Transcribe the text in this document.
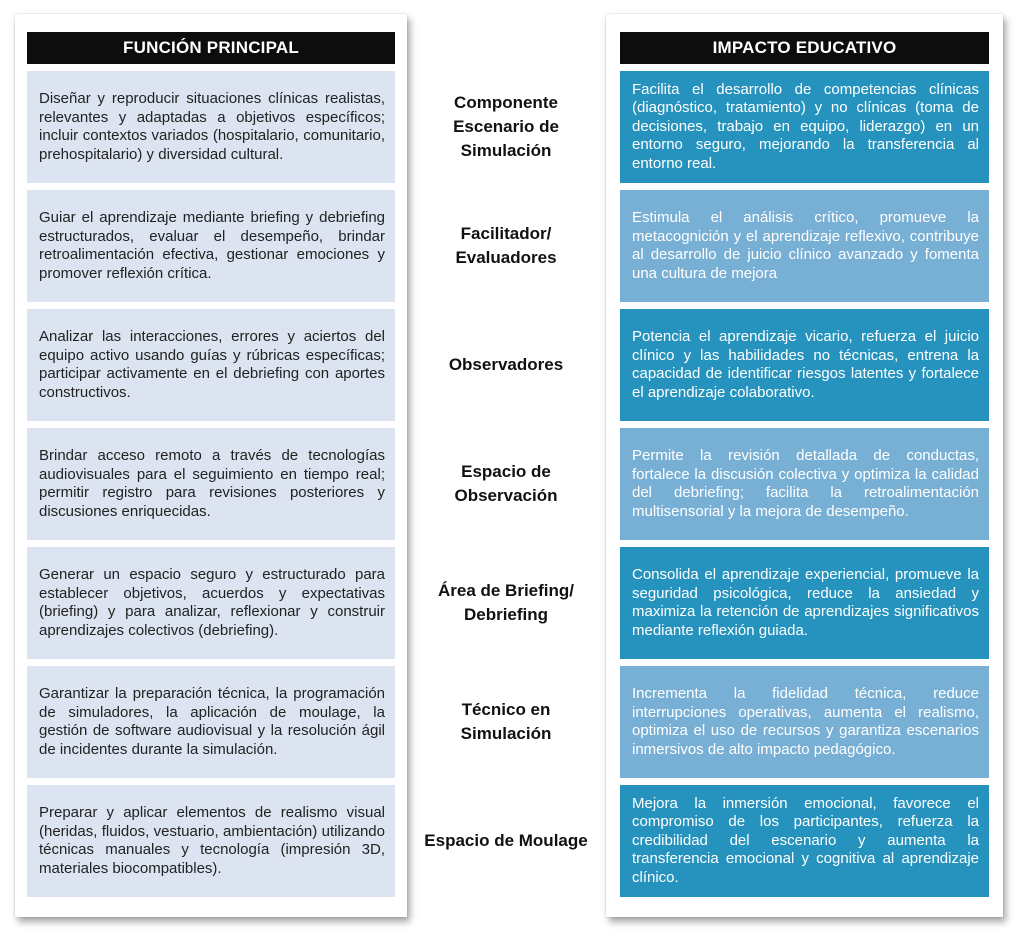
FUNCIÓN PRINCIPAL
Diseñar y reproducir situaciones clínicas realistas, relevantes y adaptadas a objetivos específicos; incluir contextos variados (hospitalario, comunitario, prehospitalario) y diversidad cultural.
Guiar el aprendizaje mediante briefing y debriefing estructurados, evaluar el desempeño, brindar retroalimentación efectiva, gestionar emociones y promover reflexión crítica.
Analizar las interacciones, errores y aciertos del equipo activo usando guías y rúbricas específicas; participar activamente en el debriefing con aportes constructivos.
Brindar acceso remoto a través de tecnologías audiovisuales para el seguimiento en tiempo real; permitir registro para revisiones posteriores y discusiones enriquecidas.
Generar un espacio seguro y estructurado para establecer objetivos, acuerdos y expectativas (briefing) y para analizar, reflexionar y construir aprendizajes colectivos (debriefing).
Garantizar la preparación técnica, la programación de simuladores, la aplicación de moulage, la gestión de software audiovisual y la resolución ágil de incidentes durante la simulación.
Preparar y aplicar elementos de realismo visual (heridas, fluidos, vestuario, ambientación) utilizando técnicas manuales y tecnología (impresión 3D, materiales biocompatibles).
Componente Escenario de Simulación
Facilitador/ Evaluadores
Observadores
Espacio de Observación
Área de Briefing/ Debriefing
Técnico en Simulación
Espacio de Moulage
IMPACTO EDUCATIVO
Facilita el desarrollo de competencias clínicas (diagnóstico, tratamiento) y no clínicas (toma de decisiones, trabajo en equipo, liderazgo) en un entorno seguro, mejorando la transferencia al entorno real.
Estimula el análisis crítico, promueve la metacognición y el aprendizaje reflexivo, contribuye al desarrollo de juicio clínico avanzado y fomenta una cultura de mejora
Potencia el aprendizaje vicario, refuerza el juicio clínico y las habilidades no técnicas, entrena la capacidad de identificar riesgos latentes y fortalece el aprendizaje colaborativo.
Permite la revisión detallada de conductas, fortalece la discusión colectiva y optimiza la calidad del debriefing; facilita la retroalimentación multisensorial y la mejora de desempeño.
Consolida el aprendizaje experiencial, promueve la seguridad psicológica, reduce la ansiedad y maximiza la retención de aprendizajes significativos mediante reflexión guiada.
Incrementa la fidelidad técnica, reduce interrupciones operativas, aumenta el realismo, optimiza el uso de recursos y garantiza escenarios inmersivos de alto impacto pedagógico.
Mejora la inmersión emocional, favorece el compromiso de los participantes, refuerza la credibilidad del escenario y aumenta la transferencia emocional y cognitiva al aprendizaje clínico.
